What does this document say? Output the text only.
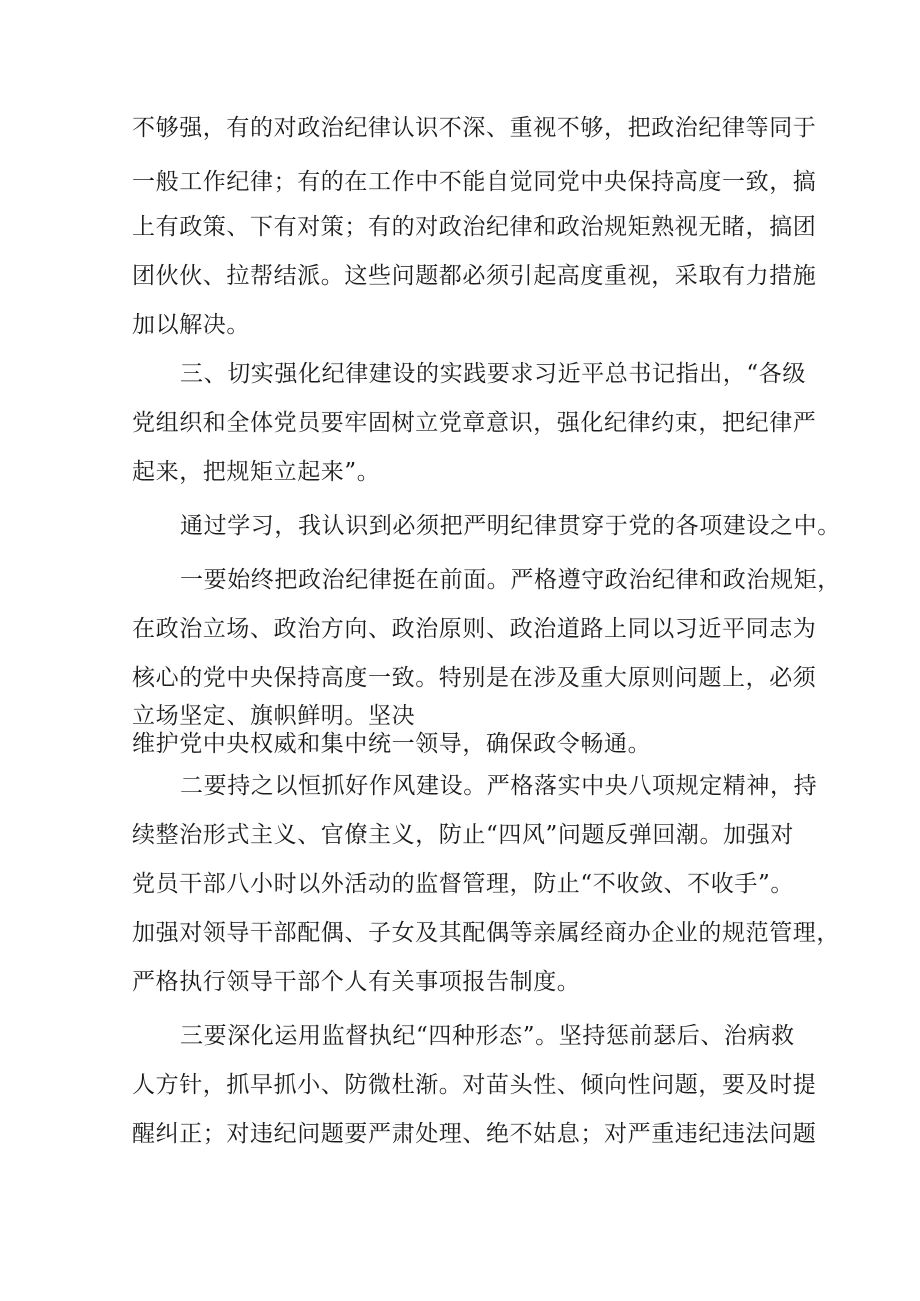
不够强，有的对政治纪律认识不深、重视不够，把政治纪律等同于
一般工作纪律；有的在工作中不能自觉同党中央保持高度一致，搞
上有政策、下有对策；有的对政治纪律和政治规矩熟视无睹，搞团
团伙伙、拉帮结派。这些问题都必须引起高度重视，采取有力措施
加以解决。
三、切实强化纪律建设的实践要求习近平总书记指出，“各级
党组织和全体党员要牢固树立党章意识，强化纪律约束，把纪律严
起来，把规矩立起来”。
通过学习，我认识到必须把严明纪律贯穿于党的各项建设之中。
一要始终把政治纪律挺在前面。严格遵守政治纪律和政治规矩，
在政治立场、政治方向、政治原则、政治道路上同以习近平同志为
核心的党中央保持高度一致。特别是在涉及重大原则问题上，必须
立场坚定、旗帜鲜明。坚决
维护党中央权威和集中统一领导，确保政令畅通。
二要持之以恒抓好作风建设。严格落实中央八项规定精神，持
续整治形式主义、官僚主义，防止“四风”问题反弹回潮。加强对
党员干部八小时以外活动的监督管理，防止“不收敛、不收手”。
加强对领导干部配偶、子女及其配偶等亲属经商办企业的规范管理，
严格执行领导干部个人有关事项报告制度。
三要深化运用监督执纪“四种形态”。坚持惩前瑟后、治病救
人方针，抓早抓小、防微杜渐。对苗头性、倾向性问题，要及时提
醒纠正；对违纪问题要严肃处理、绝不姑息；对严重违纪违法问题
